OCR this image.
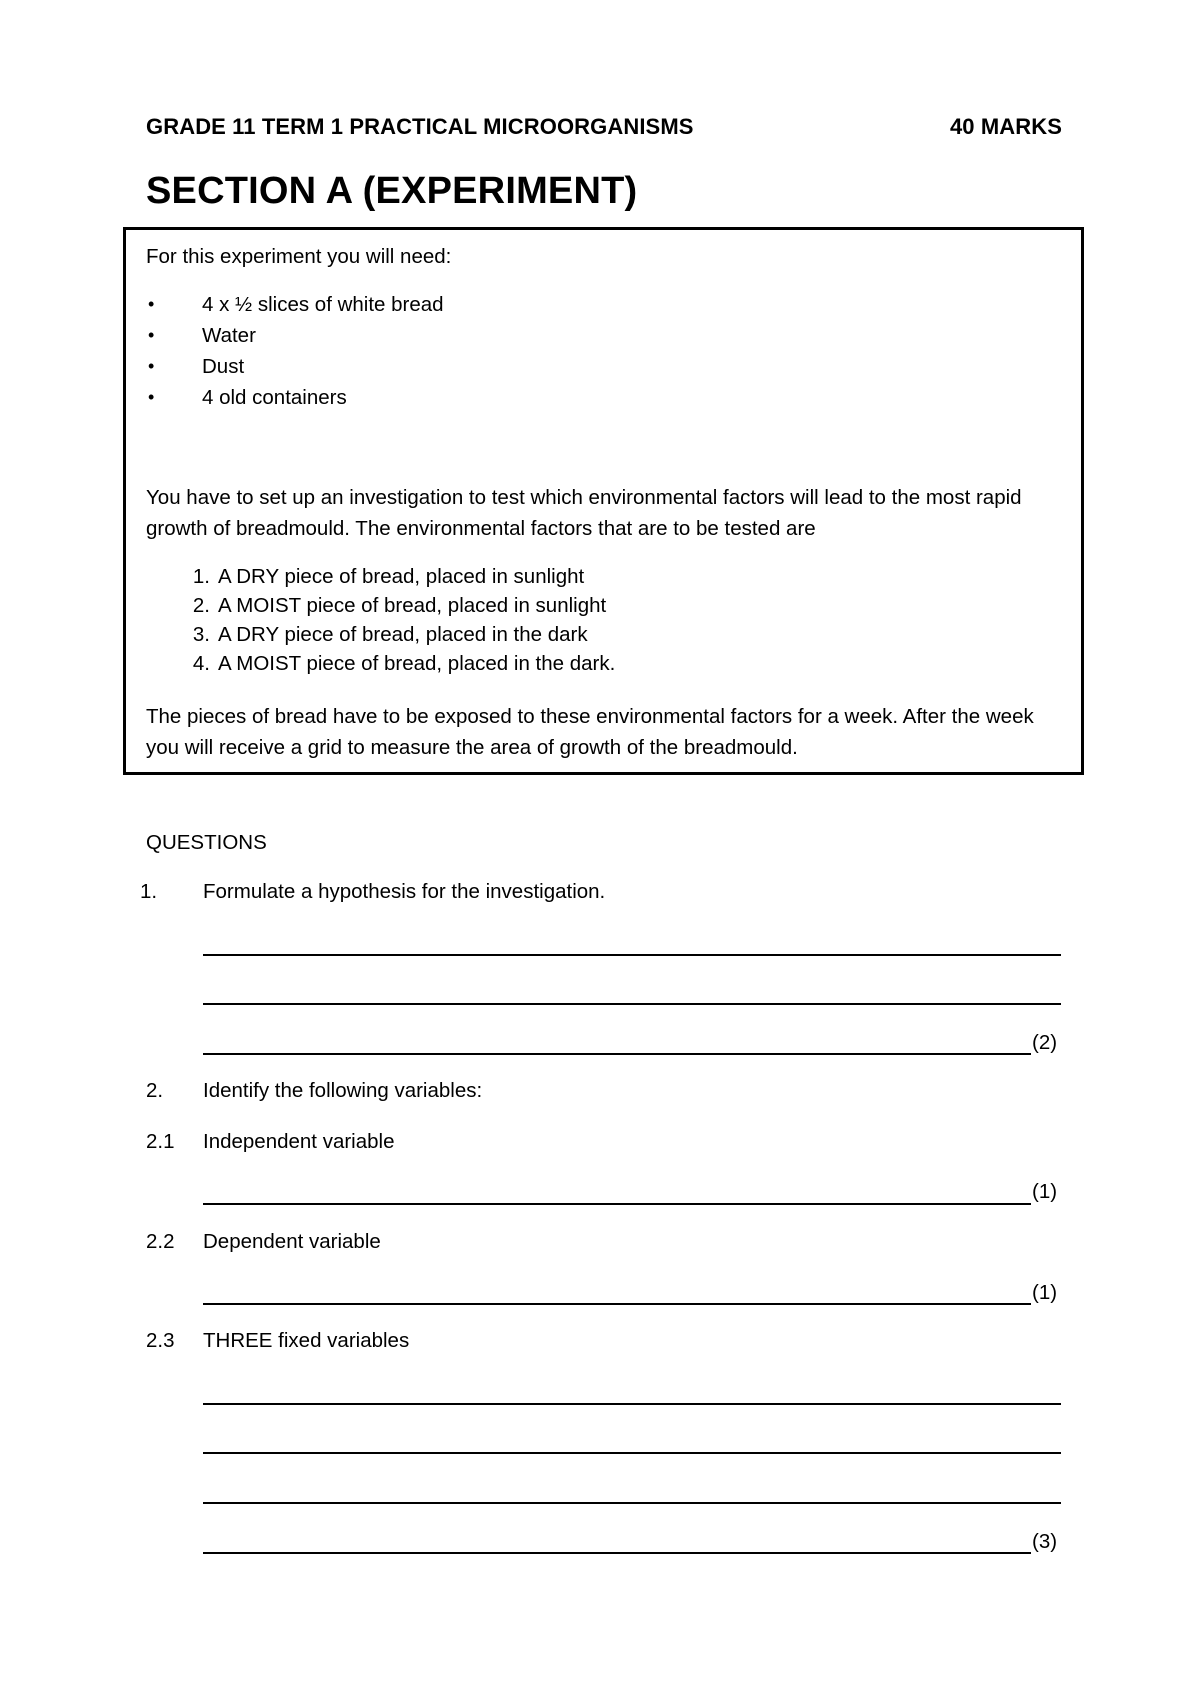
GRADE 11 TERM 1 PRACTICAL MICROORGANISMS	40 MARKS
SECTION A (EXPERIMENT)
For this experiment you will need:
• 4 x ½ slices of white bread
• Water
• Dust
• 4 old containers
You have to set up an investigation to test which environmental factors will lead to the most rapid growth of breadmould. The environmental factors that are to be tested are
1. A DRY piece of bread, placed in sunlight
2. A MOIST piece of bread, placed in sunlight
3. A DRY piece of bread, placed in the dark
4. A MOIST piece of bread, placed in the dark.
The pieces of bread have to be exposed to these environmental factors for a week. After the week you will receive a grid to measure the area of growth of the breadmould.
QUESTIONS
1. Formulate a hypothesis for the investigation.
(2)
2. Identify the following variables:
2.1 Independent variable
(1)
2.2 Dependent variable
(1)
2.3 THREE fixed variables
(3)
